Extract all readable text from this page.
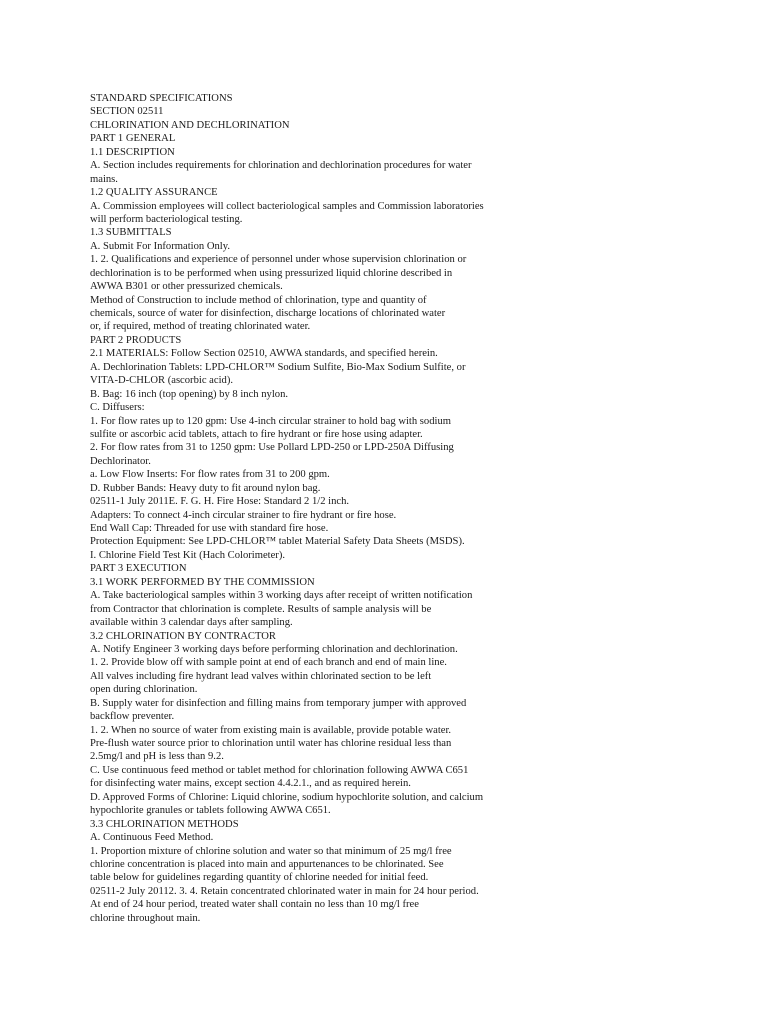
STANDARD SPECIFICATIONS
SECTION 02511
CHLORINATION AND DECHLORINATION
PART 1 GENERAL
1.1 DESCRIPTION
A. Section includes requirements for chlorination and dechlorination procedures for water
mains.
1.2 QUALITY ASSURANCE
A. Commission employees will collect bacteriological samples and Commission laboratories
will perform bacteriological testing.
1.3 SUBMITTALS
A. Submit For Information Only.
1. 2. Qualifications and experience of personnel under whose supervision chlorination or
dechlorination is to be performed when using pressurized liquid chlorine described in
AWWA B301 or other pressurized chemicals.
Method of Construction to include method of chlorination, type and quantity of
chemicals, source of water for disinfection, discharge locations of chlorinated water
or, if required, method of treating chlorinated water.
PART 2 PRODUCTS
2.1 MATERIALS: Follow Section 02510, AWWA standards, and specified herein.
A. Dechlorination Tablets: LPD-CHLOR™ Sodium Sulfite, Bio-Max Sodium Sulfite, or
VITA-D-CHLOR (ascorbic acid).
B. Bag: 16 inch (top opening) by 8 inch nylon.
C. Diffusers:
1. For flow rates up to 120 gpm: Use 4-inch circular strainer to hold bag with sodium
sulfite or ascorbic acid tablets, attach to fire hydrant or fire hose using adapter.
2. For flow rates from 31 to 1250 gpm: Use Pollard LPD-250 or LPD-250A Diffusing
Dechlorinator.
a. Low Flow Inserts: For flow rates from 31 to 200 gpm.
D. Rubber Bands: Heavy duty to fit around nylon bag.
02511-1 July 2011E. F. G. H. Fire Hose: Standard 2 1/2 inch.
Adapters: To connect 4-inch circular strainer to fire hydrant or fire hose.
End Wall Cap: Threaded for use with standard fire hose.
Protection Equipment: See LPD-CHLOR™ tablet Material Safety Data Sheets (MSDS).
I. Chlorine Field Test Kit (Hach Colorimeter).
PART 3 EXECUTION
3.1 WORK PERFORMED BY THE COMMISSION
A. Take bacteriological samples within 3 working days after receipt of written notification
from Contractor that chlorination is complete. Results of sample analysis will be
available within 3 calendar days after sampling.
3.2 CHLORINATION BY CONTRACTOR
A. Notify Engineer 3 working days before performing chlorination and dechlorination.
1. 2. Provide blow off with sample point at end of each branch and end of main line.
All valves including fire hydrant lead valves within chlorinated section to be left
open during chlorination.
B. Supply water for disinfection and filling mains from temporary jumper with approved
backflow preventer.
1. 2. When no source of water from existing main is available, provide potable water.
Pre-flush water source prior to chlorination until water has chlorine residual less than
2.5mg/l and pH is less than 9.2.
C. Use continuous feed method or tablet method for chlorination following AWWA C651
for disinfecting water mains, except section 4.4.2.1., and as required herein.
D. Approved Forms of Chlorine: Liquid chlorine, sodium hypochlorite solution, and calcium
hypochlorite granules or tablets following AWWA C651.
3.3 CHLORINATION METHODS
A. Continuous Feed Method.
1. Proportion mixture of chlorine solution and water so that minimum of 25 mg/l free
chlorine concentration is placed into main and appurtenances to be chlorinated. See
table below for guidelines regarding quantity of chlorine needed for initial feed.
02511-2 July 20112. 3. 4. Retain concentrated chlorinated water in main for 24 hour period.
At end of 24 hour period, treated water shall contain no less than 10 mg/l free
chlorine throughout main.
